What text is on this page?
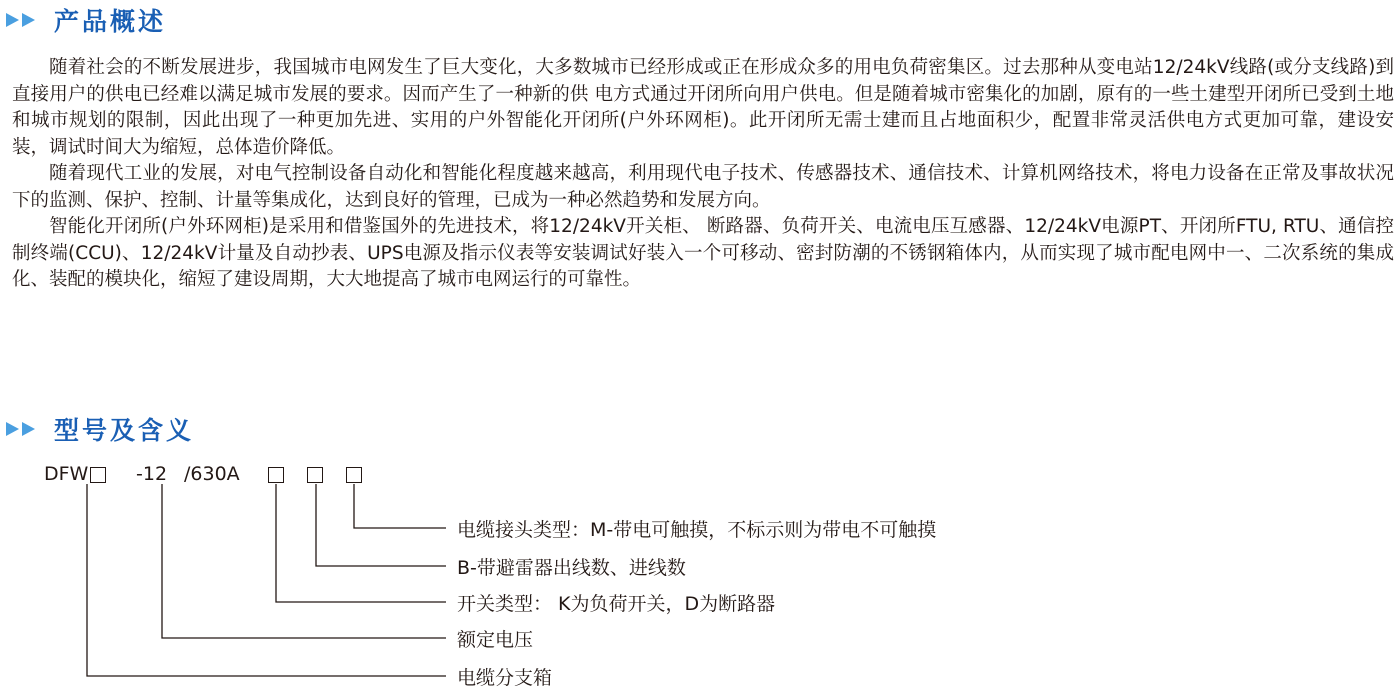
产品概述

随着社会的不断发展进步，我国城市电网发生了巨大变化，大多数城市已经形成或正在形成众多的用电负荷密集区。过去那种从变电站12/24kV线路(或分支线路)到直接用户的供电已经难以满足城市发展的要求。因而产生了一种新的供 电方式通过开闭所向用户供电。但是随着城市密集化的加剧，原有的一些土建型开闭所已受到土地和城市规划的限制，因此出现了一种更加先进、实用的户外智能化开闭所(户外环网柜)。此开闭所无需士建而且占地面积少，配置非常灵活供电方式更加可靠，建设安装，调试时间大为缩短，总体造价降低。

随着现代工业的发展，对电气控制设备自动化和智能化程度越来越高，利用现代电子技术、传感器技术、通信技术、计算机网络技术，将电力设备在正常及事故状况下的监测、保护、控制、计量等集成化，达到良好的管理，已成为一种必然趋势和发展方向。

智能化开闭所(户外环网柜)是采用和借鉴国外的先进技术，将12/24kV开关柜、 断路器、负荷开关、电流电压互感器、12/24kV电源PT、开闭所FTU, RTU、通信控制终端(CCU)、12/24kV计量及自动抄表、UPS电源及指示仪表等安装调试好装入一个可移动、密封防潮的不锈钢箱体内，从而实现了城市配电网中一、二次系统的集成化、装配的模块化，缩短了建设周期，大大地提高了城市电网运行的可靠性。

型号及含义
DFW	-12 /630A
电缆接头类型：M-带电可触摸，不标示则为带电不可触摸
B-带避雷器出线数、进线数
开关类型： K为负荷开关，D为断路器
额定电压
电缆分支箱
